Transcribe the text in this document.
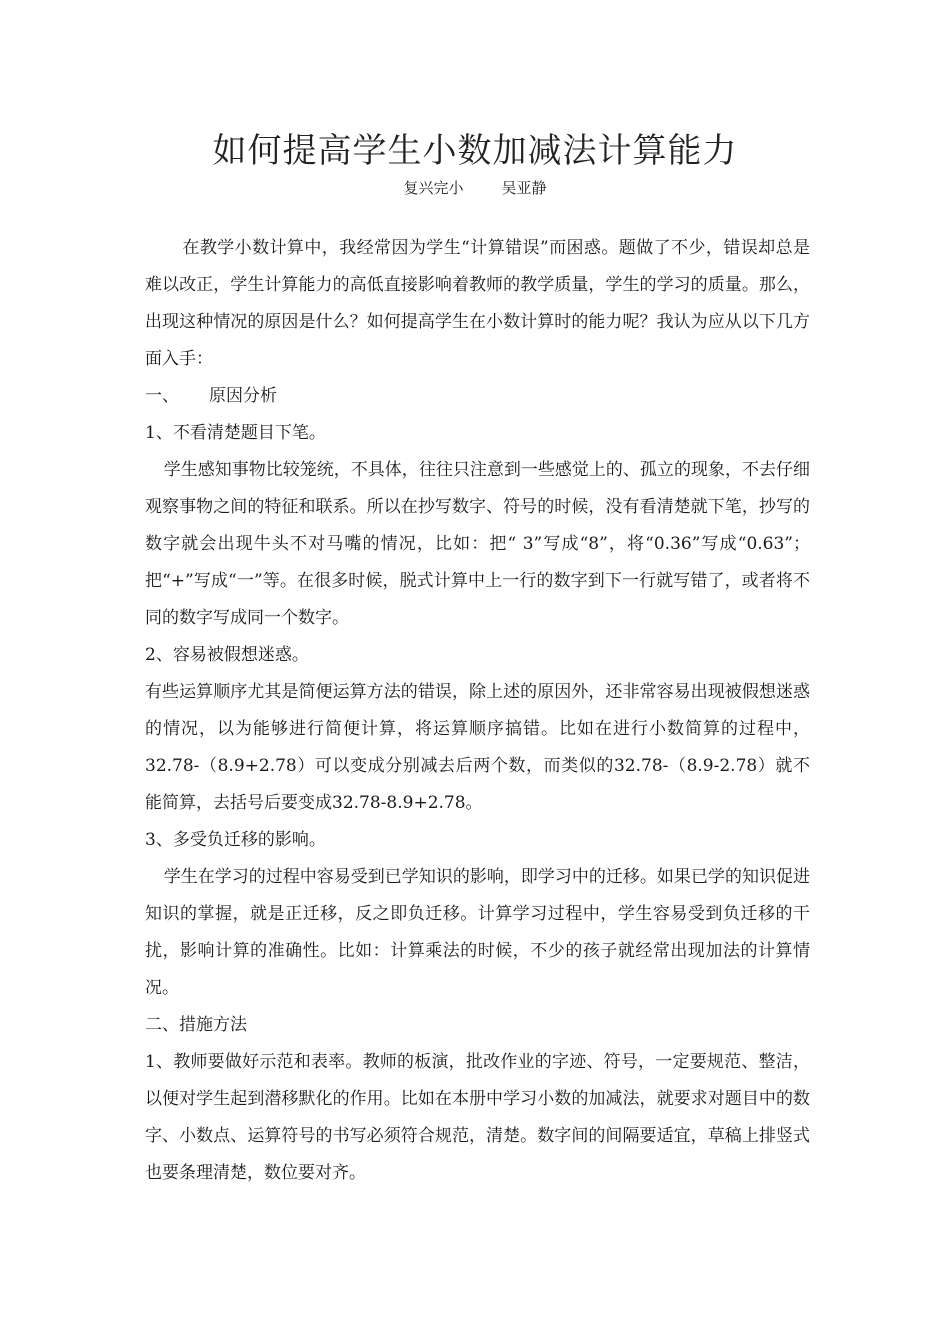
如何提高学生小数加减法计算能力
复兴完小	吴亚静

在教学小数计算中，我经常因为学生“计算错误”而困惑。题做了不少，错误却总是难以改正，学生计算能力的高低直接影响着教师的教学质量，学生的学习的质量。那么，出现这种情况的原因是什么？如何提高学生在小数计算时的能力呢？我认为应从以下几方面入手：

一、 原因分析

1、不看清楚题目下笔。

学生感知事物比较笼统，不具体，往往只注意到一些感觉上的、孤立的现象，不去仔细观察事物之间的特征和联系。所以在抄写数字、符号的时候，没有看清楚就下笔，抄写的数字就会出现牛头不对马嘴的情况，比如：把“ 3”写成“8”，将“0.36”写成“0.63”；把“+”写成“一”等。在很多时候，脱式计算中上一行的数字到下一行就写错了，或者将不同的数字写成同一个数字。

2、容易被假想迷惑。

有些运算顺序尤其是简便运算方法的错误，除上述的原因外，还非常容易出现被假想迷惑的情况，以为能够进行简便计算，将运算顺序搞错。比如在进行小数简算的过程中，32.78-（8.9+2.78）可以变成分别减去后两个数，而类似的32.78-（8.9-2.78）就不能简算，去括号后要变成32.78-8.9+2.78。

3、多受负迁移的影响。

学生在学习的过程中容易受到已学知识的影响，即学习中的迁移。如果已学的知识促进知识的掌握，就是正迁移，反之即负迁移。计算学习过程中，学生容易受到负迁移的干扰，影响计算的准确性。比如：计算乘法的时候，不少的孩子就经常出现加法的计算情况。

二、措施方法

1、教师要做好示范和表率。教师的板演，批改作业的字迹、符号，一定要规范、整洁，以便对学生起到潜移默化的作用。比如在本册中学习小数的加减法，就要求对题目中的数字、小数点、运算符号的书写必须符合规范，清楚。数字间的间隔要适宜，草稿上排竖式也要条理清楚，数位要对齐。
